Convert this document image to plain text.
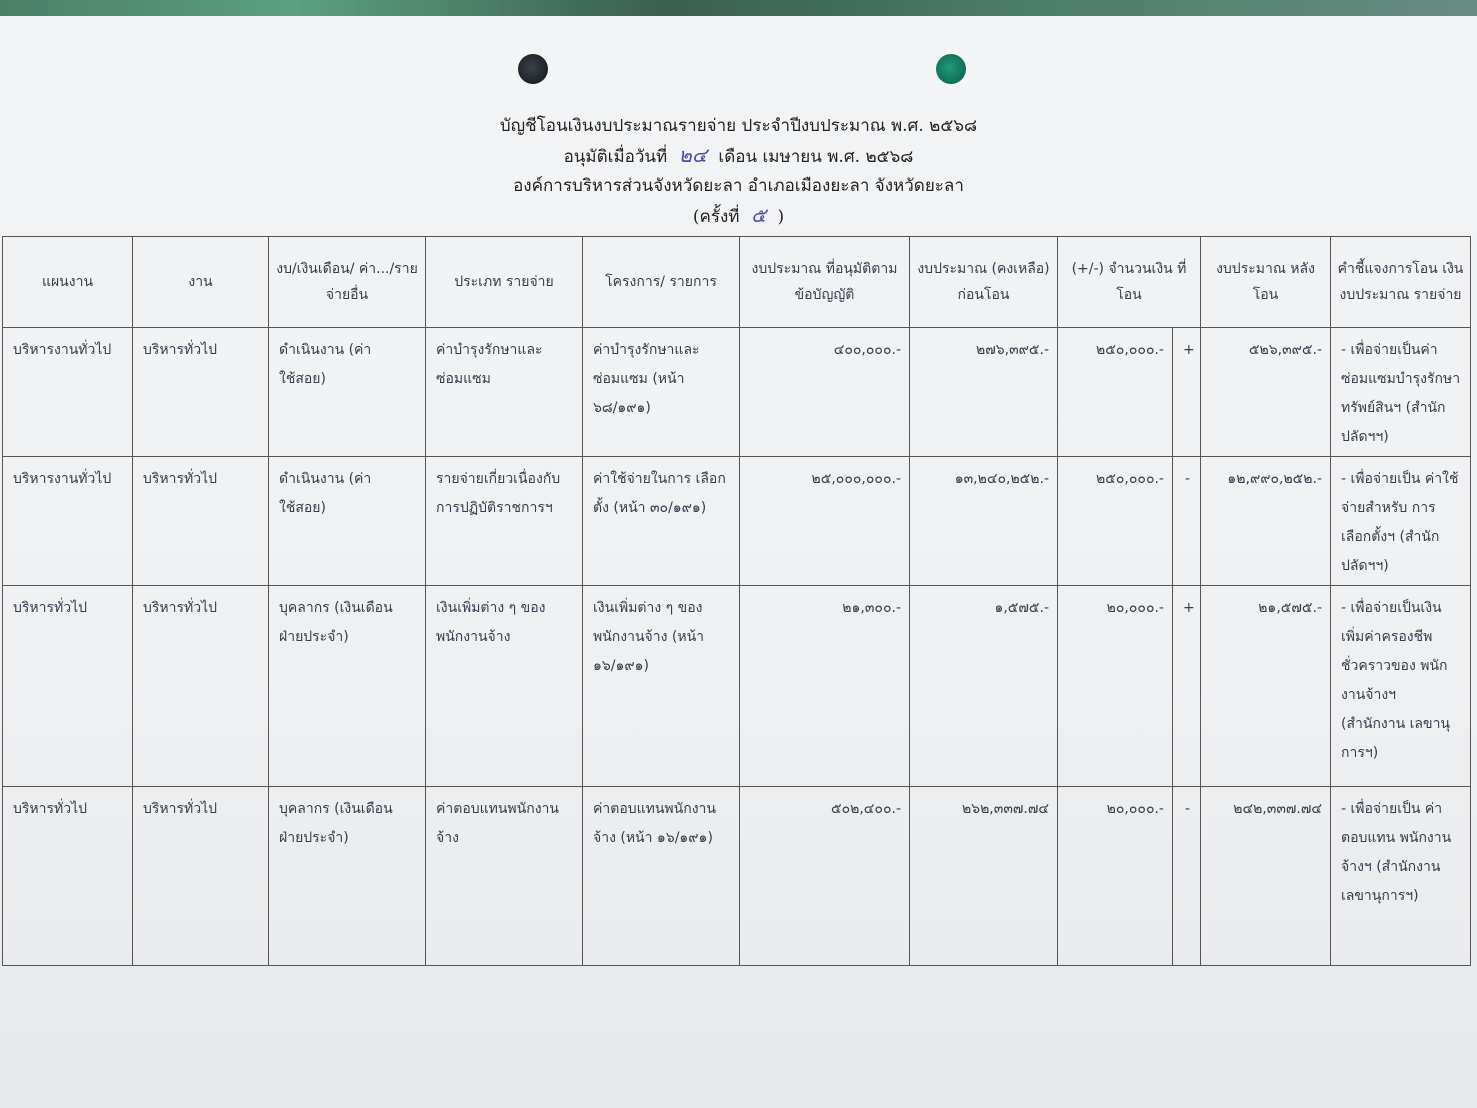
บัญชีโอนเงินงบประมาณรายจ่าย ประจำปีงบประมาณ พ.ศ. ๒๕๖๘
อนุมัติเมื่อวันที่ ๒๔ เดือน เมษายน พ.ศ. ๒๕๖๘
องค์การบริหารส่วนจังหวัดยะลา อำเภอเมืองยะลา จังหวัดยะลา
(ครั้งที่ ๕ )
แผนงาน	งาน	งบ/เงินเดือน/ ค่า.../รายจ่ายอื่น	ประเภท รายจ่าย	โครงการ/ รายการ	งบประมาณ ที่อนุมัติตาม ข้อบัญญัติ	งบประมาณ (คงเหลือ) ก่อนโอน	(+/-) จำนวนเงิน ที่โอน		งบประมาณ หลังโอน	คำชี้แจงการโอน เงินงบประมาณ รายจ่าย
บริหารงานทั่วไป	บริหารทั่วไป	ดำเนินงาน (ค่าใช้สอย)	ค่าบำรุงรักษาและ ซ่อมแซม	ค่าบำรุงรักษาและ ซ่อมแซม (หน้า ๖๘/๑๙๑)	๔๐๐,๐๐๐.-	๒๗๖,๓๙๕.-	๒๕๐,๐๐๐.-	+	๕๒๖,๓๙๕.-	- เพื่อจ่ายเป็นค่า ซ่อมแซมบำรุงรักษา ทรัพย์สินฯ (สำนักปลัดฯฯ)
บริหารงานทั่วไป	บริหารทั่วไป	ดำเนินงาน (ค่าใช้สอย)	รายจ่ายเกี่ยวเนื่องกับ การปฏิบัติราชการฯ	ค่าใช้จ่ายในการ เลือกตั้ง (หน้า ๓๐/๑๙๑)	๒๕,๐๐๐,๐๐๐.-	๑๓,๒๔๐,๒๕๒.-	๒๕๐,๐๐๐.-	-	๑๒,๙๙๐,๒๕๒.-	- เพื่อจ่ายเป็น ค่าใช้จ่ายสำหรับ การเลือกตั้งฯ (สำนักปลัดฯฯ)
บริหารทั่วไป	บริหารทั่วไป	บุคลากร (เงินเดือน ฝ่ายประจำ)	เงินเพิ่มต่าง ๆ ของ พนักงานจ้าง	เงินเพิ่มต่าง ๆ ของ พนักงานจ้าง (หน้า ๑๖/๑๙๑)	๒๑,๓๐๐.-	๑,๕๗๕.-	๒๐,๐๐๐.-	+	๒๑,๕๗๕.-	- เพื่อจ่ายเป็นเงิน เพิ่มค่าครองชีพ ชั่วคราวของ พนักงานจ้างฯ (สำนักงาน เลขานุการฯ)
บริหารทั่วไป	บริหารทั่วไป	บุคลากร (เงินเดือน ฝ่ายประจำ)	ค่าตอบแทนพนักงาน จ้าง	ค่าตอบแทนพนักงาน จ้าง (หน้า ๑๖/๑๙๑)	๕๐๒,๔๐๐.-	๒๖๒,๓๓๗.๗๔	๒๐,๐๐๐.-	-	๒๔๒,๓๓๗.๗๔	- เพื่อจ่ายเป็น ค่าตอบแทน พนักงานจ้างฯ (สำนักงาน เลขานุการฯ)
